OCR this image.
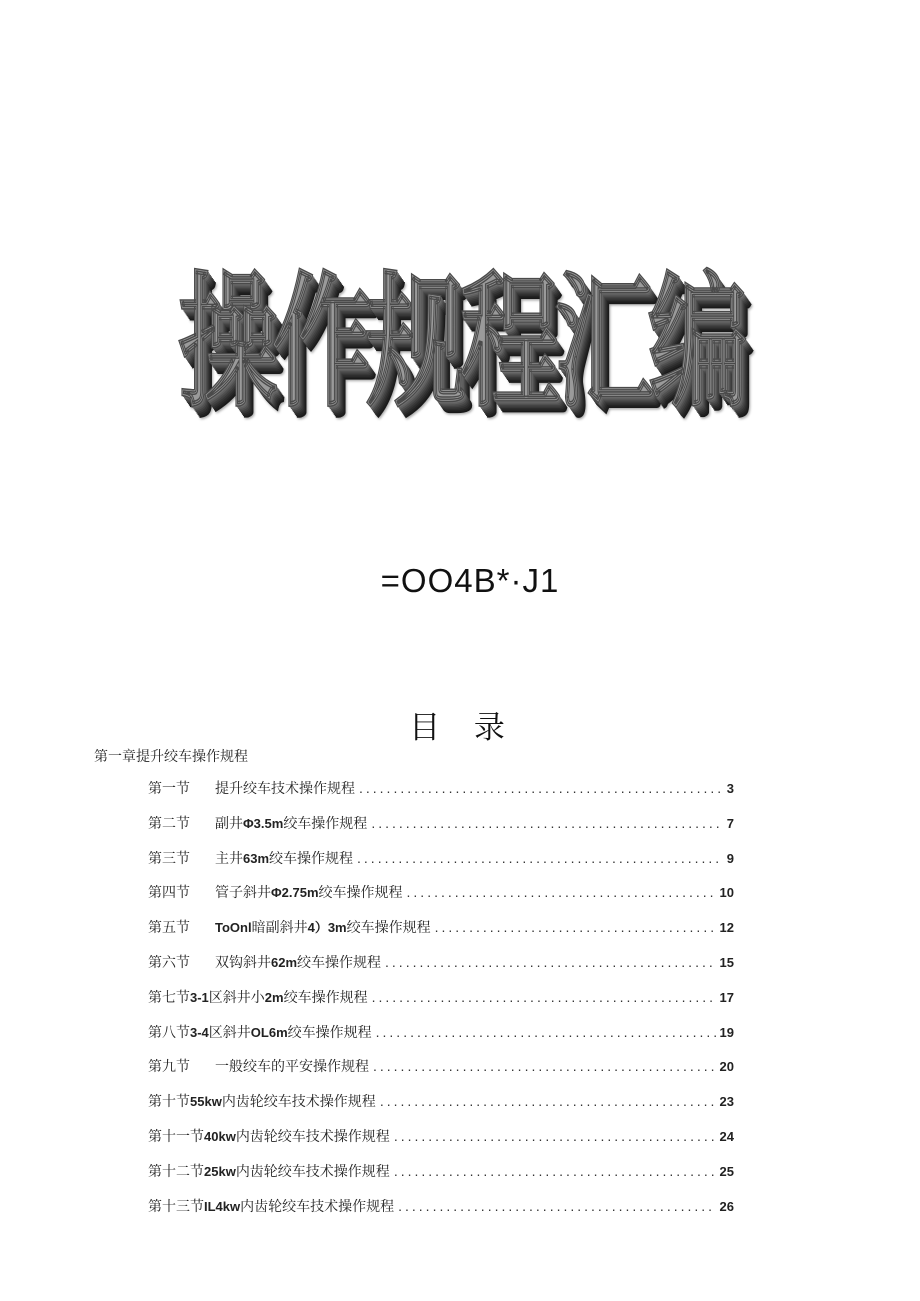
操作规程汇编
=OO4B*·J1
目 录
第一章提升绞车操作规程
第一节	提升绞车技术操作规程 .....	3
第二节	副井Φ3.5m绞车操作规程 .....	7
第三节	主井63m绞车操作规程 .....	9
第四节	管子斜井Φ2.75m绞车操作规程 .....	10
第五节	ToOnl暗副斜井4）3m绞车操作规程 .....	12
第六节	双钩斜井62m绞车操作规程 .....	15
第七节 3-1区斜井小2m绞车操作规程 .....	17
第八节 3-4区斜井OL6m绞车操作规程 .....	19
第九节	一般绞车的平安操作规程 .....	20
第十节 55kw内齿轮绞车技术操作规程 .....	23
第十一节 40kw内齿轮绞车技术操作规程 .....	24
第十二节 25kw内齿轮绞车技术操作规程 .....	25
第十三节 IL4kw内齿轮绞车技术操作规程 .....	26
